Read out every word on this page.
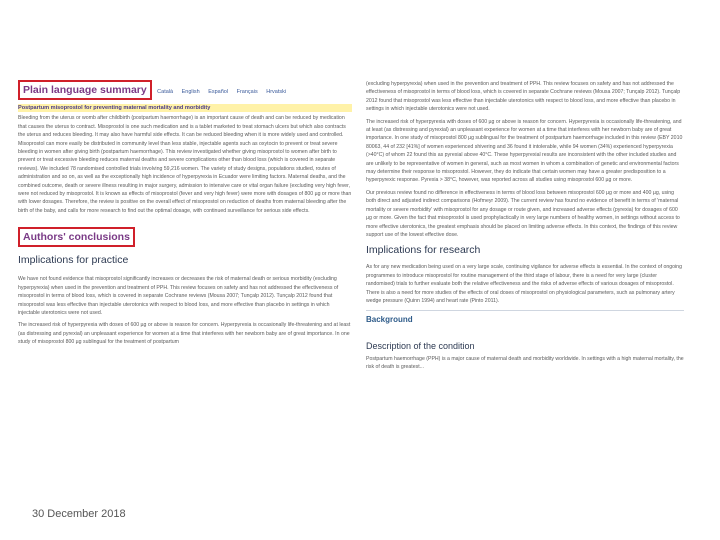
Plain language summary Català English Español Français Hrvatski
Postpartum misoprostol for preventing maternal mortality and morbidity

Bleeding from the uterus or womb after childbirth (postpartum haemorrhage) is an important cause of death and can be reduced by medication that causes the uterus to contract. Misoprostol is one such medication and is a tablet marketed to treat stomach ulcers but which also contracts the uterus and reduces bleeding. It may also have harmful side effects. It can be reduced bleeding when it is more widely used and controlled. Misoprostol can more easily be distributed in community level than less stable, injectable agents such as oxytocin to prevent or treat severe bleeding in women after giving birth (postpartum haemorrhage). This review investigated whether giving misoprostol to women after birth to prevent or treat excessive bleeding reduces maternal deaths and severe complications other than blood loss (which is covered in separate reviews). We included 78 randomised controlled trials involving 59,216 women. The variety of study designs, populations studied, routes of administration and so on, as well as the exceptionally high incidence of hyperpyrexia in Ecuador were limiting factors. Maternal deaths, and the combined outcome, death or severe illness resulting in major surgery, admission to intensive care or vital organ failure (excluding very high fever, were not reduced by misoprostol. It is known as effects of misoprostol (fever and very high fever) were more with dosages of 800 µg or more than with lower dosages. Therefore, the review is positive on the overall effect of misoprostol on reduction of deaths from maternal bleeding after the birth of the baby, and calls for more research to find out the optimal dosage, with continued surveillance for serious side effects.

Authors' conclusions
Implications for practice

We have not found evidence that misoprostol significantly increases or decreases the risk of maternal death or serious morbidity (excluding hyperpyrexia) when used in the prevention and treatment of PPH. This review focuses on safety and has not addressed the effectiveness of misoprostol in terms of blood loss, which is covered in separate Cochrane reviews (Mousa 2007; Tunçalp 2012). Tunçalp 2012 found that misoprostol was less effective than injectable uterotonics with respect to blood loss, and more effective than placebo in settings in which injectable uterotonics were not used.

The increased risk of hyperpyrexia with doses of 600 µg or above is reason for concern. Hyperpyrexia is occasionally life-threatening and at least (as distressing and pyrexial) an unpleasant experience for women at a time that interferes with her newborn baby are of great importance. In one study of misoprostol 800 µg sublingual for the treatment of postpartum

(excluding hyperpyrexia) when used in the prevention and treatment of PPH. This review focuses on safety and has not addressed the effectiveness of misoprostol in terms of blood loss, which is covered in separate Cochrane reviews (Mousa 2007; Tunçalp 2012). Tunçalp 2012 found that misoprostol was less effective than injectable uterotonics with respect to blood loss, and more effective than placebo in settings in which injectable uterotonics were not used.

The increased risk of hyperpyrexia with doses of 600 µg or above is reason for concern. Hyperpyrexia is occasionally life-threatening, and at least (as distressing and pyrexial) an unpleasant experience for women at a time that interferes with her newborn baby are of great importance. In one study of misoprostol 800 µg sublingual for the treatment of postpartum haemorrhage included in this review (EBY 2010 80063, 44 of 232 [41%] of women experienced shivering and 36 found it intolerable, while 94 women (34%) experienced hyperpyrexia (>40°C) of whom 22 found this as pyrexial above 40°C. These hyperpyrexial results are inconsistent with the other included studies and are unlikely to be representative of women in general, such as most women in whom a combination of genetic and environmental factors may determine their response to misoprostol. However, they do indicate that certain women may have a greater predisposition to a hyperpyrexic response. Pyrexia > 38°C, however, was reported across all studies using misoprostol 600 µg or more.

Our previous review found no difference in effectiveness in terms of blood loss between misoprostol 600 µg or more and 400 µg, using both direct and adjusted indirect comparisons (Hofmeyr 2009). The current review has found no evidence of benefit in terms of 'maternal mortality or severe morbidity' with misoprostol for any dosage or route given, and increased adverse effects (pyrexia) for dosages of 600 µg or more. Given the fact that misoprostol is used prophylactically in very large numbers of healthy women, in settings without access to more effective uterotonics, the greatest emphasis should be placed on limiting adverse effects. In this context, the findings of this review support use of the lowest effective dose.

Implications for research

As for any new medication being used on a very large scale, continuing vigilance for adverse effects is essential. In the context of ongoing programmes to introduce misoprostol for routine management of the third stage of labour, there is a need for very large (cluster randomised) trials to further evaluate both the relative effectiveness and the risks of adverse effects of various dosages of misoprostol. There is also a need for more studies of the effects of oral doses of misoprostol on physiological parameters, such as pulmonary artery wedge pressure (Quinn 1994) and heart rate (Pinto 2011).

Background
Description of the condition

Postpartum haemorrhage (PPH) is a major cause of maternal death and morbidity worldwide. In settings with a high maternal mortality, the risk of death is greatest...

30 December 2018
